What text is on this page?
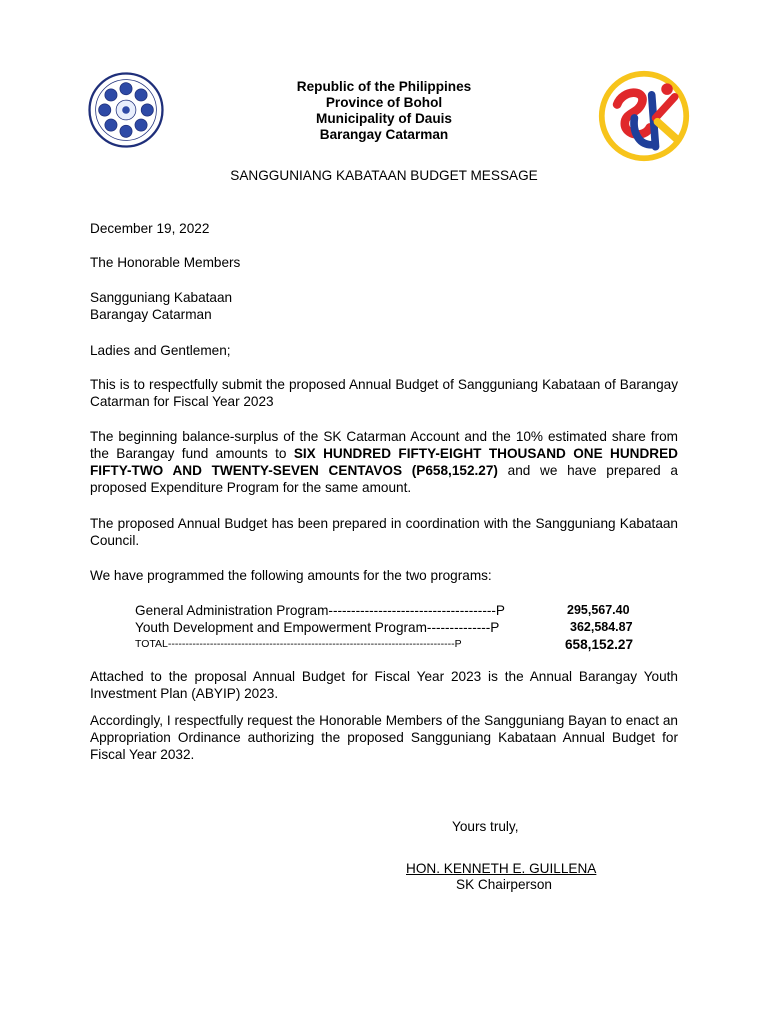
Republic of the Philippines
Province of Bohol
Municipality of Dauis
Barangay Catarman
SANGGUNIANG KABATAAN BUDGET MESSAGE

December 19, 2022

The Honorable Members

Sangguniang Kabataan
Barangay Catarman

Ladies and Gentlemen;

This is to respectfully submit the proposed Annual Budget of Sangguniang Kabataan of Barangay Catarman for Fiscal Year 2023

The beginning balance-surplus of the SK Catarman Account and the 10% estimated share from the Barangay fund amounts to SIX HUNDRED FIFTY-EIGHT THOUSAND ONE HUNDRED FIFTY-TWO AND TWENTY-SEVEN CENTAVOS (P658,152.27) and we have prepared a proposed Expenditure Program for the same amount.

The proposed Annual Budget has been prepared in coordination with the Sangguniang Kabataan Council.

We have programmed the following amounts for the two programs:

General Administration Program-------------------------------------P	295,567.40
Youth Development and Empowerment Program--------------P	362,584.87
TOTAL----------------------------------------------------------------------------------P	658,152.27

Attached to the proposal Annual Budget for Fiscal Year 2023 is the Annual Barangay Youth Investment Plan (ABYIP) 2023.

Accordingly, I respectfully request the Honorable Members of the Sangguniang Bayan to enact an Appropriation Ordinance authorizing the proposed Sangguniang Kabataan Annual Budget for Fiscal Year 2032.

Yours truly,
HON. KENNETH E. GUILLENA
SK Chairperson
